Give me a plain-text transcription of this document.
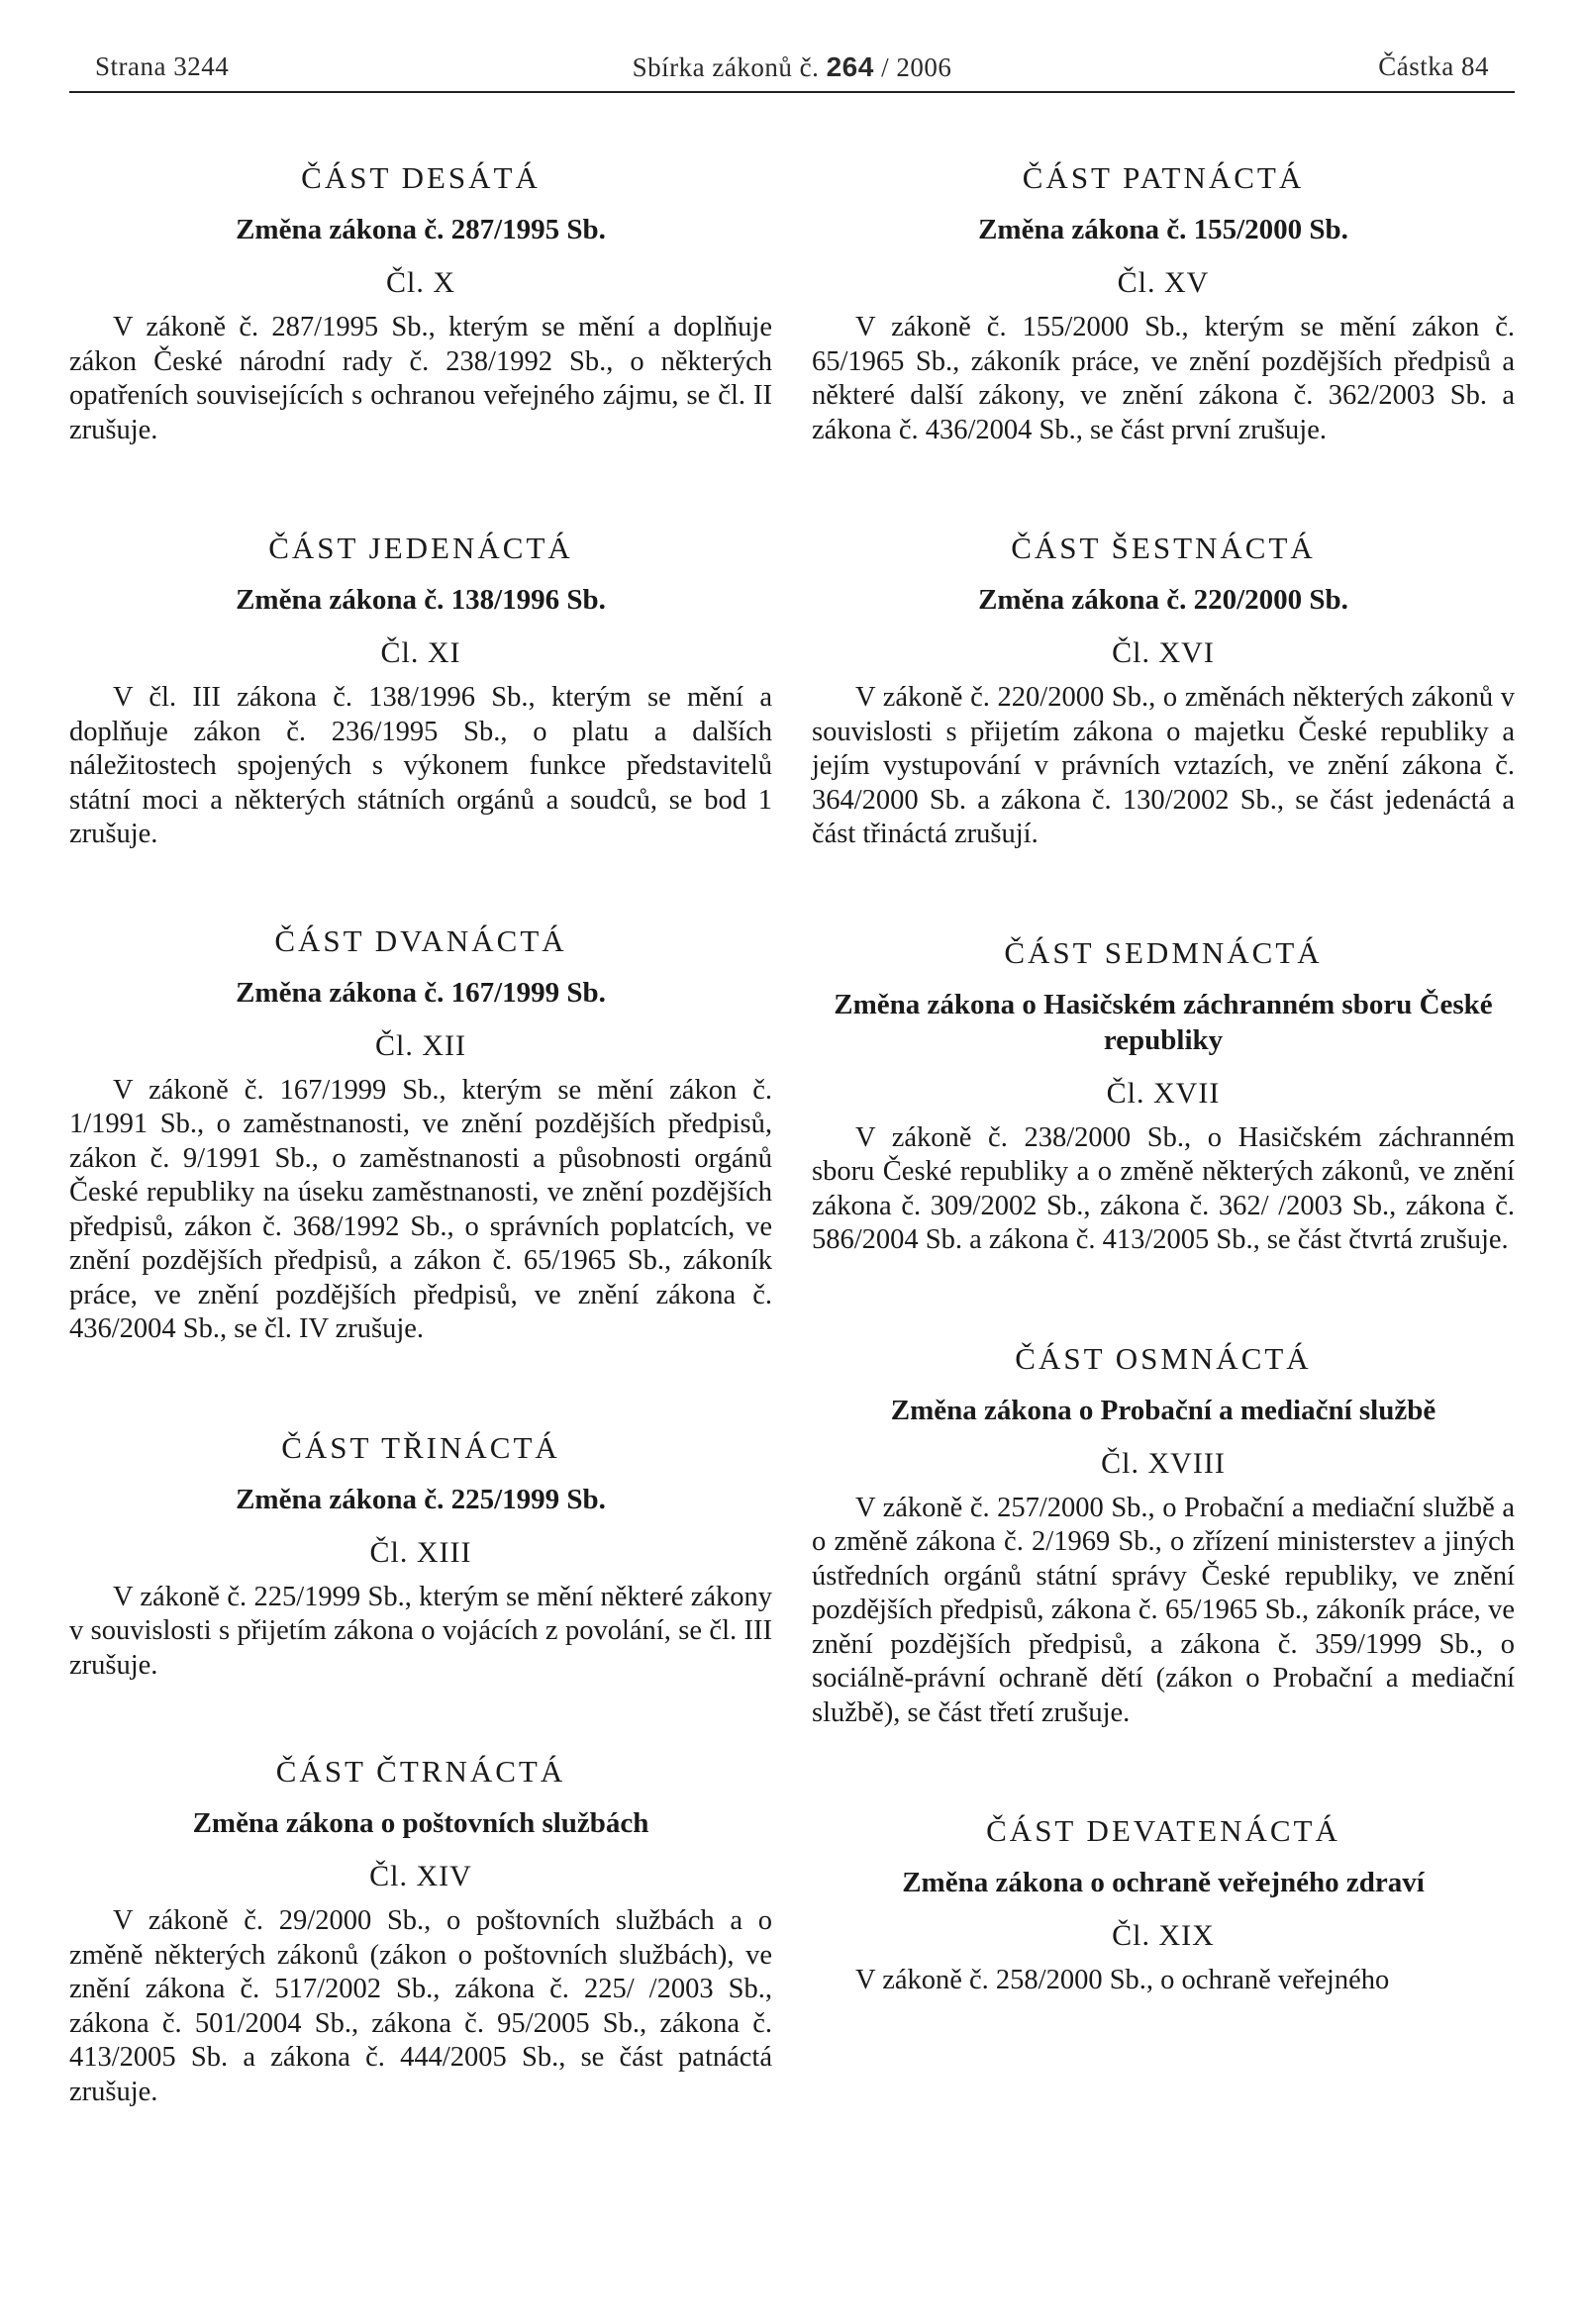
Strana 3244	Sbírka zákonů č. 264 / 2006	Částka 84
ČÁST DESÁTÁ
Změna zákona č. 287/1995 Sb.
Čl. X

V zákoně č. 287/1995 Sb., kterým se mění a doplňuje zákon České národní rady č. 238/1992 Sb., o některých opatřeních souvisejících s ochranou veřejného zájmu, se čl. II zrušuje.

ČÁST JEDENÁCTÁ
Změna zákona č. 138/1996 Sb.
Čl. XI

V čl. III zákona č. 138/1996 Sb., kterým se mění a doplňuje zákon č. 236/1995 Sb., o platu a dalších náležitostech spojených s výkonem funkce představitelů státní moci a některých státních orgánů a soudců, se bod 1 zrušuje.

ČÁST DVANÁCTÁ
Změna zákona č. 167/1999 Sb.
Čl. XII

V zákoně č. 167/1999 Sb., kterým se mění zákon č. 1/1991 Sb., o zaměstnanosti, ve znění pozdějších předpisů, zákon č. 9/1991 Sb., o zaměstnanosti a působnosti orgánů České republiky na úseku zaměstnanosti, ve znění pozdějších předpisů, zákon č. 368/1992 Sb., o správních poplatcích, ve znění pozdějších předpisů, a zákon č. 65/1965 Sb., zákoník práce, ve znění pozdějších předpisů, ve znění zákona č. 436/2004 Sb., se čl. IV zrušuje.

ČÁST TŘINÁCTÁ
Změna zákona č. 225/1999 Sb.
Čl. XIII

V zákoně č. 225/1999 Sb., kterým se mění některé zákony v souvislosti s přijetím zákona o vojácích z povolání, se čl. III zrušuje.

ČÁST ČTRNÁCTÁ
Změna zákona o poštovních službách
Čl. XIV

V zákoně č. 29/2000 Sb., o poštovních službách a o změně některých zákonů (zákon o poštovních službách), ve znění zákona č. 517/2002 Sb., zákona č. 225/ /2003 Sb., zákona č. 501/2004 Sb., zákona č. 95/2005 Sb., zákona č. 413/2005 Sb. a zákona č. 444/2005 Sb., se část patnáctá zrušuje.

ČÁST PATNÁCTÁ
Změna zákona č. 155/2000 Sb.
Čl. XV

V zákoně č. 155/2000 Sb., kterým se mění zákon č. 65/1965 Sb., zákoník práce, ve znění pozdějších předpisů a některé další zákony, ve znění zákona č. 362/2003 Sb. a zákona č. 436/2004 Sb., se část první zrušuje.

ČÁST ŠESTNÁCTÁ
Změna zákona č. 220/2000 Sb.
Čl. XVI

V zákoně č. 220/2000 Sb., o změnách některých zákonů v souvislosti s přijetím zákona o majetku České republiky a jejím vystupování v právních vztazích, ve znění zákona č. 364/2000 Sb. a zákona č. 130/2002 Sb., se část jedenáctá a část třináctá zrušují.

ČÁST SEDMNÁCTÁ
Změna zákona o Hasičském záchranném sboru České republiky
Čl. XVII

V zákoně č. 238/2000 Sb., o Hasičském záchranném sboru České republiky a o změně některých zákonů, ve znění zákona č. 309/2002 Sb., zákona č. 362/ /2003 Sb., zákona č. 586/2004 Sb. a zákona č. 413/2005 Sb., se část čtvrtá zrušuje.

ČÁST OSMNÁCTÁ
Změna zákona o Probační a mediační službě
Čl. XVIII

V zákoně č. 257/2000 Sb., o Probační a mediační službě a o změně zákona č. 2/1969 Sb., o zřízení ministerstev a jiných ústředních orgánů státní správy České republiky, ve znění pozdějších předpisů, zákona č. 65/1965 Sb., zákoník práce, ve znění pozdějších předpisů, a zákona č. 359/1999 Sb., o sociálně-právní ochraně dětí (zákon o Probační a mediační službě), se část třetí zrušuje.

ČÁST DEVATENÁCTÁ
Změna zákona o ochraně veřejného zdraví
Čl. XIX

V zákoně č. 258/2000 Sb., o ochraně veřejného
